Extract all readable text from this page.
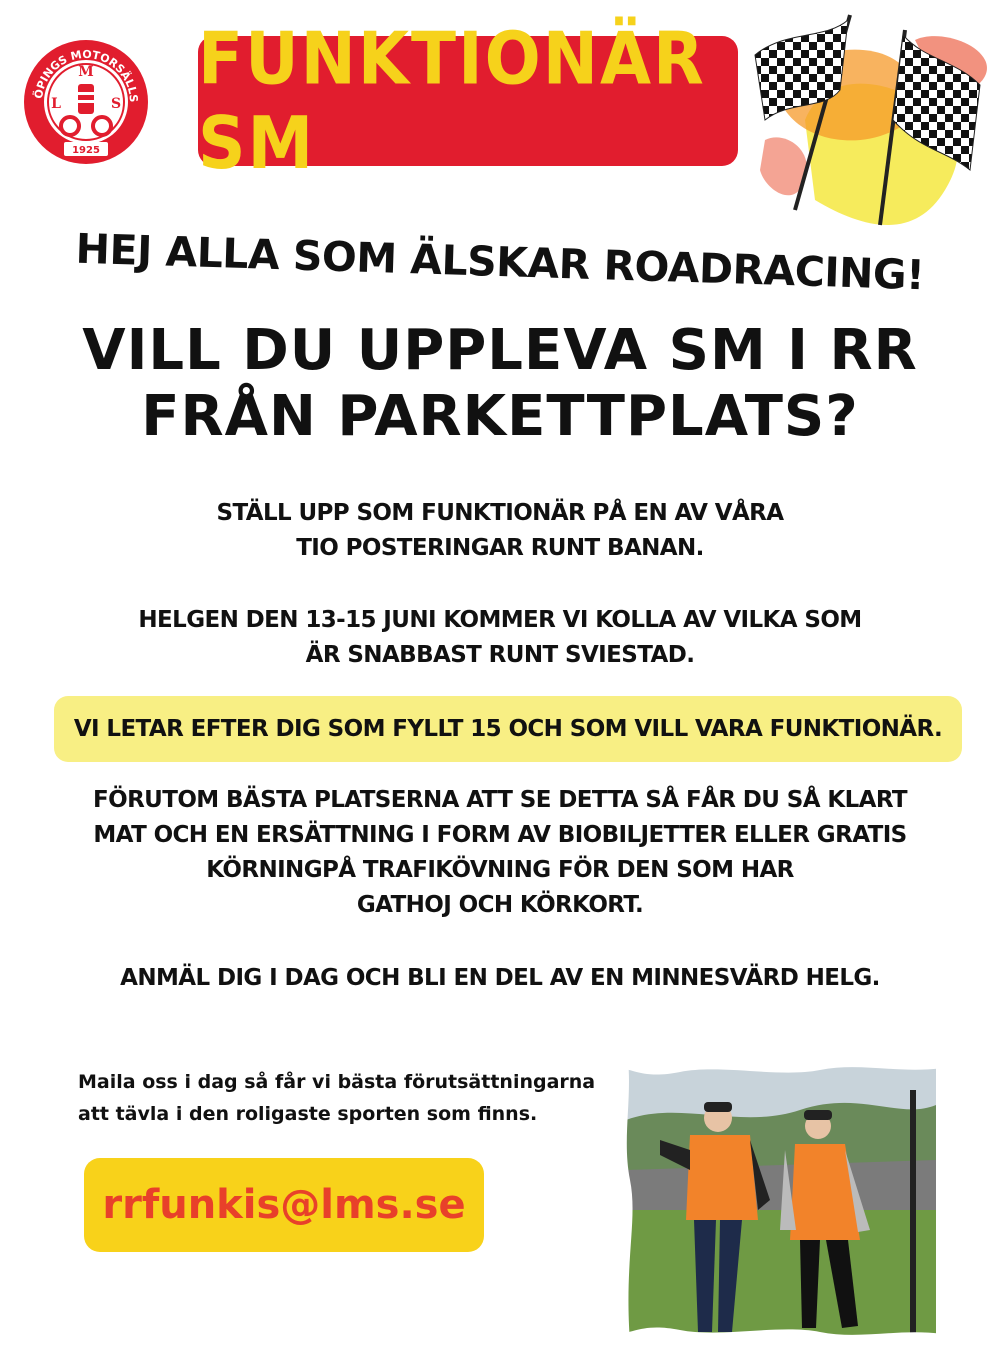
ÖPINGS MOTORSÄLLS
M
L	S
1925
FUNKTIONÄR SM
HEJ ALLA SOM ÄLSKAR ROADRACING!
VILL DU UPPLEVA SM I RR
FRÅN PARKETTPLATS?
STÄLL UPP SOM FUNKTIONÄR PÅ EN AV VÅRA
TIO POSTERINGAR RUNT BANAN.
HELGEN DEN 13-15 JUNI KOMMER VI KOLLA AV VILKA SOM
ÄR SNABBAST RUNT SVIESTAD.
VI LETAR EFTER DIG SOM FYLLT 15 OCH SOM VILL VARA FUNKTIONÄR.
FÖRUTOM BÄSTA PLATSERNA ATT SE DETTA SÅ FÅR DU SÅ KLART
MAT OCH EN ERSÄTTNING I FORM AV BIOBILJETTER ELLER GRATIS
KÖRNINGPÅ TRAFIKÖVNING FÖR DEN SOM HAR
GATHOJ OCH KÖRKORT.
ANMÄL DIG I DAG OCH BLI EN DEL AV EN MINNESVÄRD HELG.
Maila oss i dag så får vi bästa förutsättningarna
att tävla i den roligaste sporten som finns.
rrfunkis@lms.se
